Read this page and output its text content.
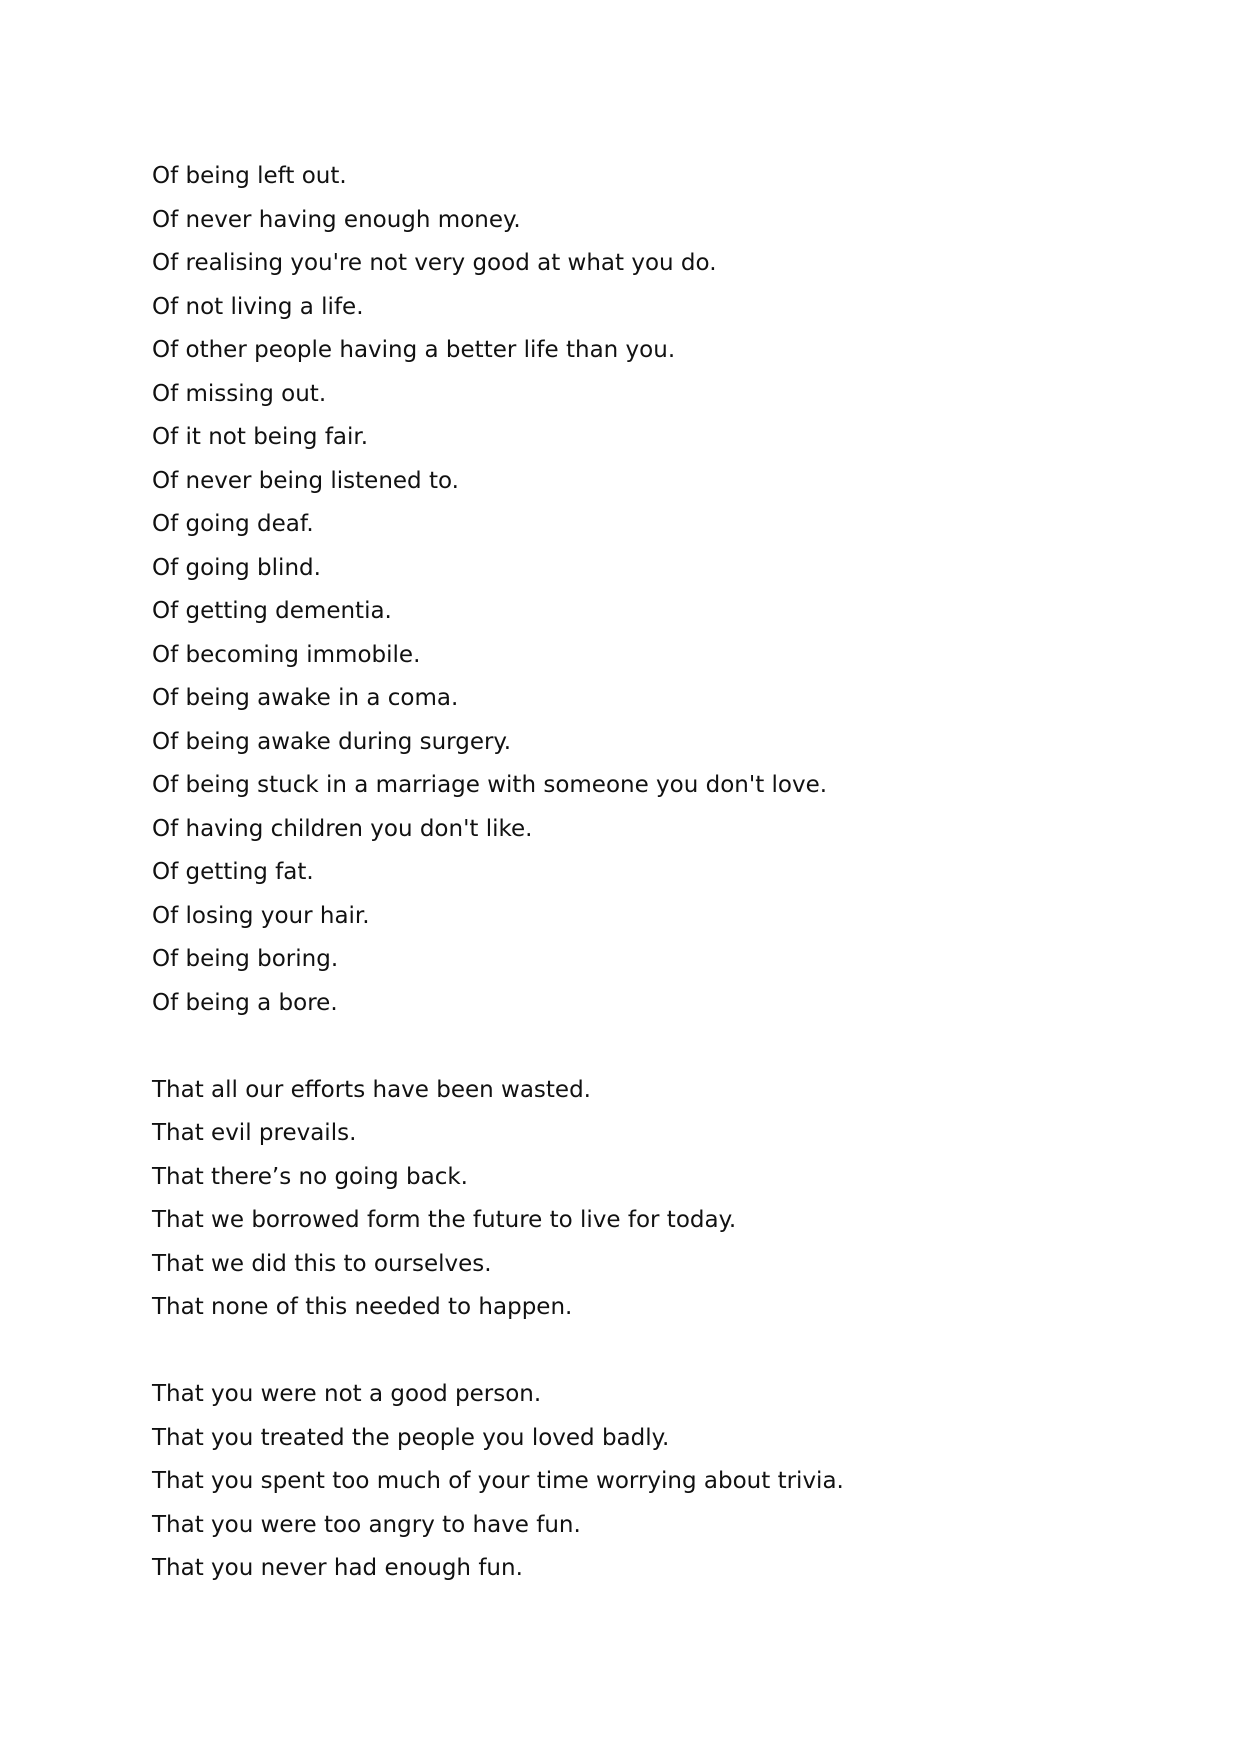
Of being left out.
Of never having enough money.
Of realising you're not very good at what you do.
Of not living a life.
Of other people having a better life than you.
Of missing out.
Of it not being fair.
Of never being listened to.
Of going deaf.
Of going blind.
Of getting dementia.
Of becoming immobile.
Of being awake in a coma.
Of being awake during surgery.
Of being stuck in a marriage with someone you don't love.
Of having children you don't like.
Of getting fat.
Of losing your hair.
Of being boring.
Of being a bore.
That all our efforts have been wasted.
That evil prevails.
That there’s no going back.
That we borrowed form the future to live for today.
That we did this to ourselves.
That none of this needed to happen.
That you were not a good person.
That you treated the people you loved badly.
That you spent too much of your time worrying about trivia.
That you were too angry to have fun.
That you never had enough fun.
